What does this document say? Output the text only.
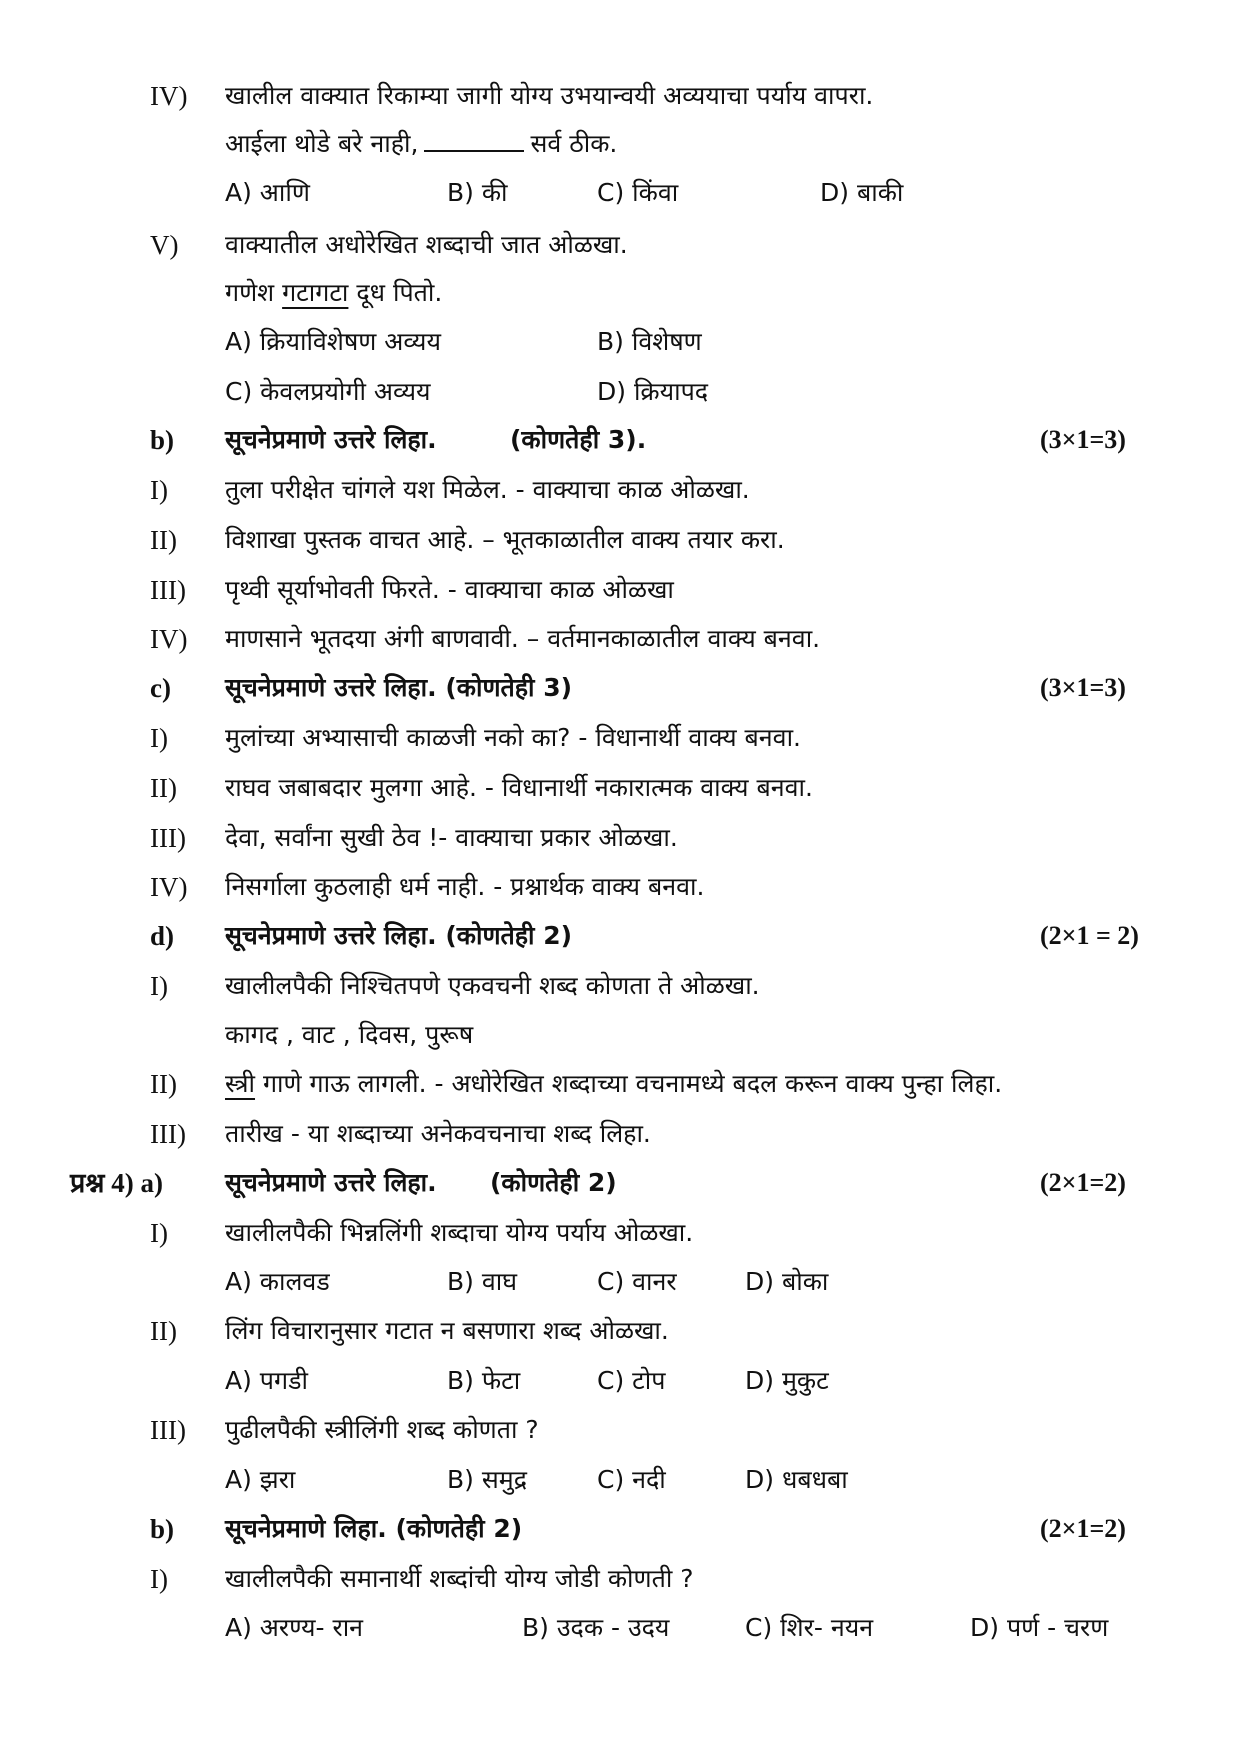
IV) खालील वाक्यात रिकाम्या जागी योग्य उभयान्वयी अव्ययाचा पर्याय वापरा.
आईला थोडे बरे नाही,	सर्व ठीक.
A) आणि	B) की	C) किंवा	D) बाकी
V) वाक्यातील अधोरेखित शब्दाची जात ओळखा.
गणेश गटागटा दूध पितो.
A) क्रियाविशेषण अव्यय	B) विशेषण
C) केवलप्रयोगी अव्यय	D) क्रियापद
b) सूचनेप्रमाणे उत्तरे लिहा.	(कोणतेही 3).	(3×1=3)
I) तुला परीक्षेत चांगले यश मिळेल. - वाक्याचा काळ ओळखा.
II) विशाखा पुस्तक वाचत आहे. – भूतकाळातील वाक्य तयार करा.
III) पृथ्वी सूर्याभोवती फिरते. - वाक्याचा काळ ओळखा
IV) माणसाने भूतदया अंगी बाणवावी. – वर्तमानकाळातील वाक्य बनवा.
c) सूचनेप्रमाणे उत्तरे लिहा. (कोणतेही 3)	(3×1=3)
I) मुलांच्या अभ्यासाची काळजी नको का? - विधानार्थी वाक्य बनवा.
II) राघव जबाबदार मुलगा आहे. - विधानार्थी नकारात्मक वाक्य बनवा.
III) देवा, सर्वांना सुखी ठेव !- वाक्याचा प्रकार ओळखा.
IV) निसर्गाला कुठलाही धर्म नाही. - प्रश्नार्थक वाक्य बनवा.
d) सूचनेप्रमाणे उत्तरे लिहा. (कोणतेही 2)	(2×1 = 2)
I) खालीलपैकी निश्चितपणे एकवचनी शब्द कोणता ते ओळखा.
कागद , वाट , दिवस, पुरूष
II) स्त्री गाणे गाऊ लागली. - अधोरेखित शब्दाच्या वचनामध्ये बदल करून वाक्य पुन्हा लिहा.
III) तारीख - या शब्दाच्या अनेकवचनाचा शब्द लिहा.
प्रश्न 4) a) सूचनेप्रमाणे उत्तरे लिहा. (कोणतेही 2)	(2×1=2)
I) खालीलपैकी भिन्नलिंगी शब्दाचा योग्य पर्याय ओळखा.
A) कालवड	B) वाघ	C) वानर	D) बोका
II) लिंग विचारानुसार गटात न बसणारा शब्द ओळखा.
A) पगडी	B) फेटा	C) टोप	D) मुकुट
III) पुढीलपैकी स्त्रीलिंगी शब्द कोणता ?
A) झरा	B) समुद्र	C) नदी	D) धबधबा
b) सूचनेप्रमाणे लिहा. (कोणतेही 2)	(2×1=2)
I) खालीलपैकी समानार्थी शब्दांची योग्य जोडी कोणती ?
A) अरण्य- रान	B) उदक - उदय	C) शिर- नयन	D) पर्ण - चरण
